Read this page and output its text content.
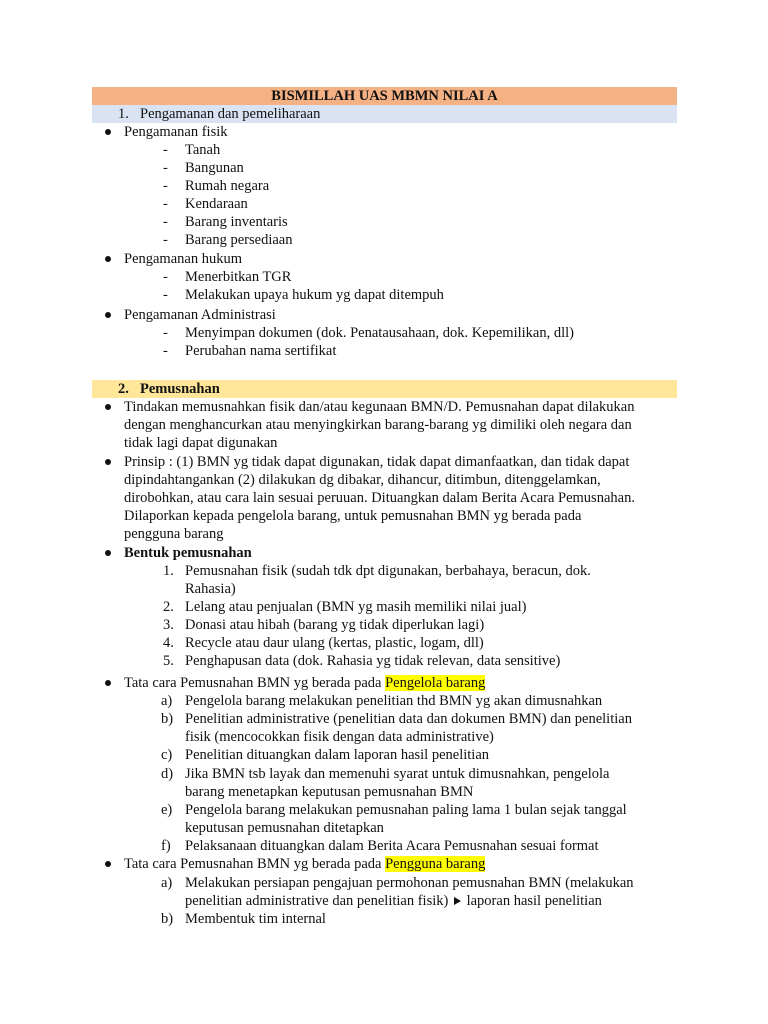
BISMILLAH UAS MBMN NILAI A
1. Pengamanan dan pemeliharaan
Pengamanan fisik
- Tanah
- Bangunan
- Rumah negara
- Kendaraan
- Barang inventaris
- Barang persediaan
Pengamanan hukum
- Menerbitkan TGR
- Melakukan upaya hukum yg dapat ditempuh
Pengamanan Administrasi
- Menyimpan dokumen (dok. Penatausahaan, dok. Kepemilikan, dll)
- Perubahan nama sertifikat
2. Pemusnahan
Tindakan memusnahkan fisik dan/atau kegunaan BMN/D. Pemusnahan dapat dilakukan
dengan menghancurkan atau menyingkirkan barang-barang yg dimiliki oleh negara dan
tidak lagi dapat digunakan
Prinsip : (1) BMN yg tidak dapat digunakan, tidak dapat dimanfaatkan, dan tidak dapat
dipindahtangankan (2) dilakukan dg dibakar, dihancur, ditimbun, ditenggelamkan,
dirobohkan, atau cara lain sesuai peruuan. Dituangkan dalam Berita Acara Pemusnahan.
Dilaporkan kepada pengelola barang, untuk pemusnahan BMN yg berada pada
pengguna barang
Bentuk pemusnahan
1. Pemusnahan fisik (sudah tdk dpt digunakan, berbahaya, beracun, dok.
Rahasia)
2. Lelang atau penjualan (BMN yg masih memiliki nilai jual)
3. Donasi atau hibah (barang yg tidak diperlukan lagi)
4. Recycle atau daur ulang (kertas, plastic, logam, dll)
5. Penghapusan data (dok. Rahasia yg tidak relevan, data sensitive)
Tata cara Pemusnahan BMN yg berada pada Pengelola barang
a) Pengelola barang melakukan penelitian thd BMN yg akan dimusnahkan
b) Penelitian administrative (penelitian data dan dokumen BMN) dan penelitian
fisik (mencocokkan fisik dengan data administrative)
c) Penelitian dituangkan dalam laporan hasil penelitian
d) Jika BMN tsb layak dan memenuhi syarat untuk dimusnahkan, pengelola
barang menetapkan keputusan pemusnahan BMN
e) Pengelola barang melakukan pemusnahan paling lama 1 bulan sejak tanggal
keputusan pemusnahan ditetapkan
f) Pelaksanaan dituangkan dalam Berita Acara Pemusnahan sesuai format
Tata cara Pemusnahan BMN yg berada pada Pengguna barang
a) Melakukan persiapan pengajuan permohonan pemusnahan BMN (melakukan
penelitian administrative dan penelitian fisik) laporan hasil penelitian
b) Membentuk tim internal
